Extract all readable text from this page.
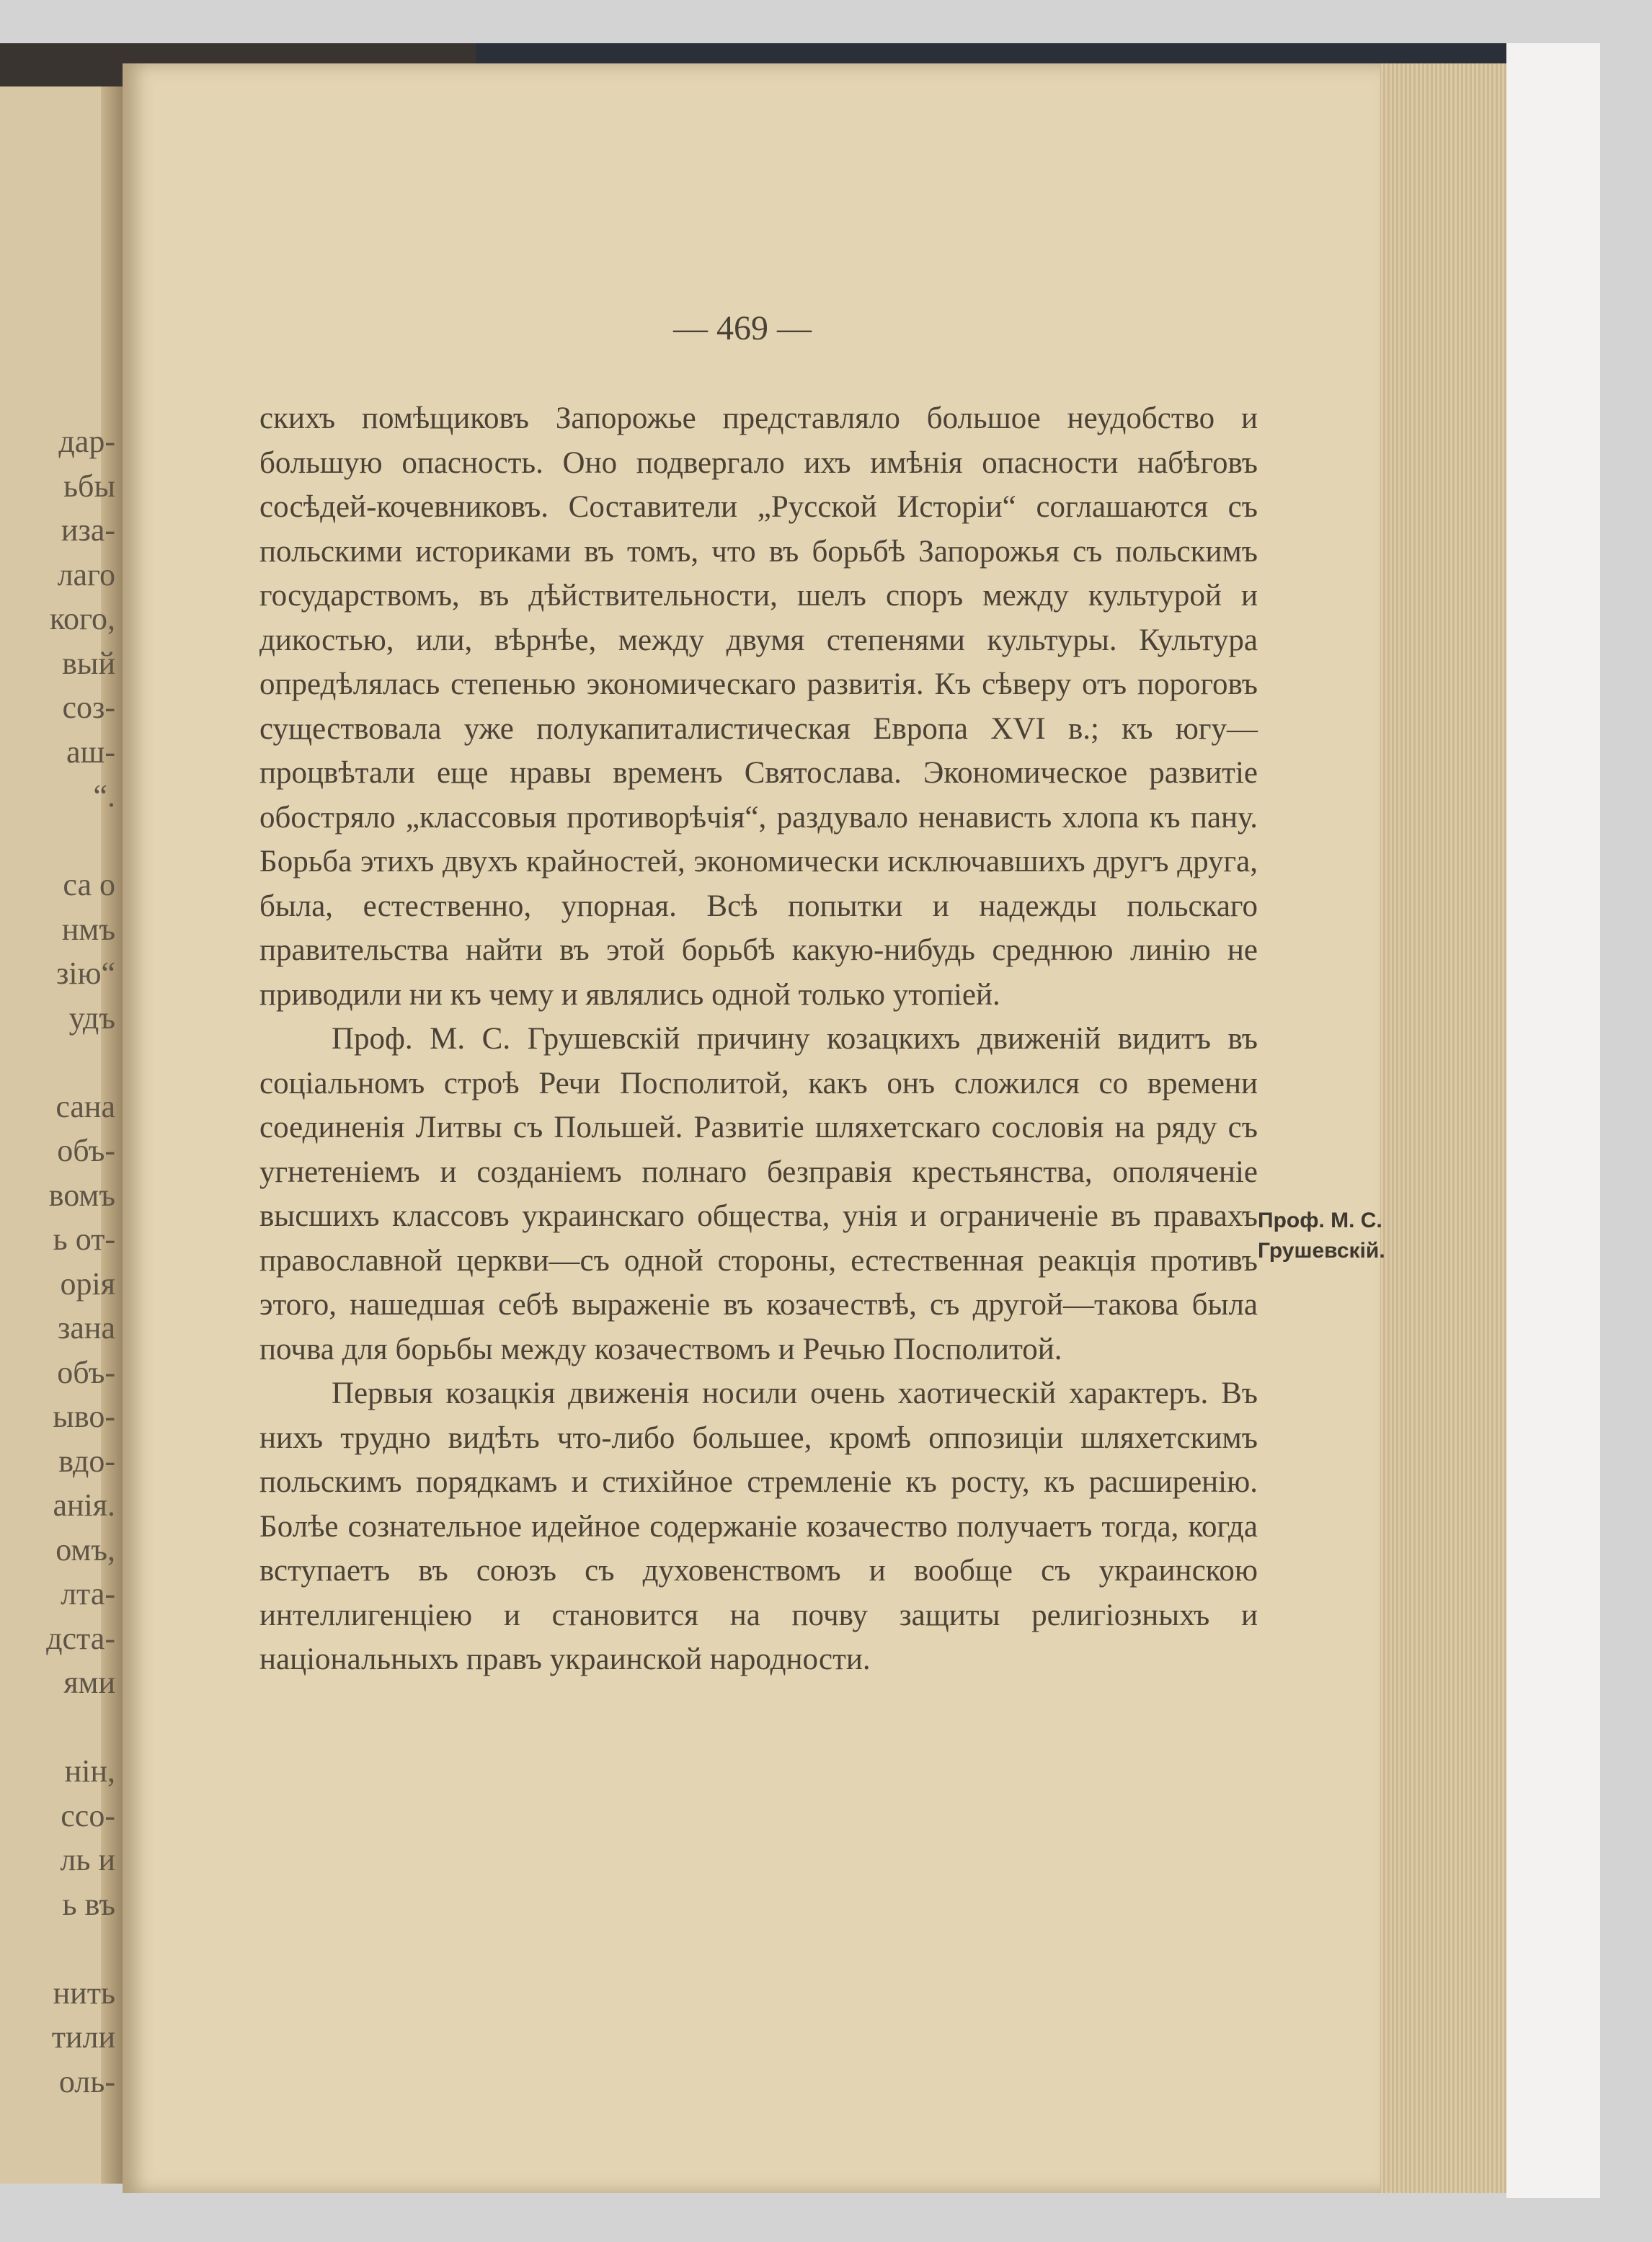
дар-
ьбы
иза-
лаго
кого,
вый
соз-
аш-
“.
са о
нмъ
зію“
удъ
сана
объ-
вомъ
ь от-
орія
зана
объ-
ыво-
вдо-
анія.
омъ,
лта-
дста-
ями
нін,
ссо-
ль и
ь въ
нить
тили
оль-
— 469 —

скихъ помѣщиковъ Запорожье представляло большое неудобство и большую опасность. Оно подвергало ихъ имѣнія опасности набѣговъ сосѣдей-кочевниковъ. Составители „Русской Исторіи“ соглашаются съ польскими историками въ томъ, что въ борьбѣ Запорожья съ польскимъ государствомъ, въ дѣйствительности, шелъ споръ между культурой и дикостью, или, вѣрнѣе, между двумя степенями культуры. Культура опредѣлялась степенью экономическаго развитія. Къ сѣверу отъ пороговъ существовала уже полукапиталистическая Европа XVI в.; къ югу—процвѣтали еще нравы временъ Святослава. Экономическое развитіе обостряло „классовыя противорѣчія“, раздувало ненависть хлопа къ пану. Борьба этихъ двухъ крайностей, экономически исключавшихъ другъ друга, была, естественно, упорная. Всѣ попытки и надежды польскаго правительства найти въ этой борьбѣ какую-нибудь среднюю линію не приводили ни къ чему и являлись одной только утопіей.

Проф. М. С. Грушевскій причину козацкихъ движеній видитъ въ соціальномъ строѣ Речи Посполитой, какъ онъ сложился со времени соединенія Литвы съ Польшей. Развитіе шляхетскаго сословія на ряду съ угнетеніемъ и созданіемъ полнаго безправія крестьянства, ополяченіе высшихъ классовъ украинскаго общества, унія и ограниченіе въ правахъ православной церкви—съ одной стороны, естественная реакція противъ этого, нашедшая себѣ выраженіе въ козачествѣ, съ другой—такова была почва для борьбы между козачествомъ и Речью Посполитой.

Первыя козацкія движенія носили очень хаотическій характеръ. Въ нихъ трудно видѣть что-либо большее, кромѣ оппозиціи шляхетскимъ польскимъ порядкамъ и стихійное стремленіе къ росту, къ расширенію. Болѣе сознательное идейное содержаніе козачество получаетъ тогда, когда вступаетъ въ союзъ съ духовенствомъ и вообще съ украинскою интеллигенціею и становится на почву защиты религіозныхъ и національныхъ правъ украинской народности.

Проф. М. С.
Грушевскій.
